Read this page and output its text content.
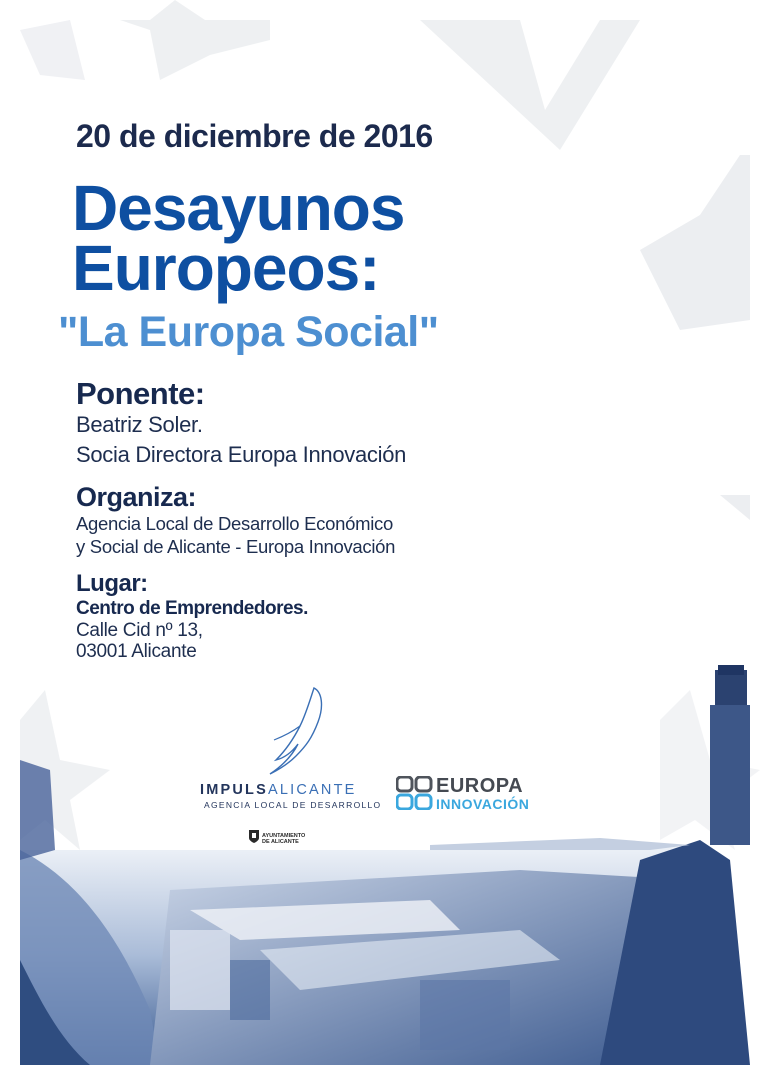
20 de diciembre de 2016
Desayunos
Europeos:
"La Europa Social"
Ponente:
Beatriz Soler.
Socia Directora Europa Innovación
Organiza:
Agencia Local de Desarrollo Económico
y Social de Alicante - Europa Innovación
Lugar:
Centro de Emprendedores.
Calle Cid nº 13,
03001 Alicante
IMPULSALICANTE
AGENCIA LOCAL DE DESARROLLO
EUROPA
INNOVACIÓN
AYUNTAMIENTO
DE ALICANTE
